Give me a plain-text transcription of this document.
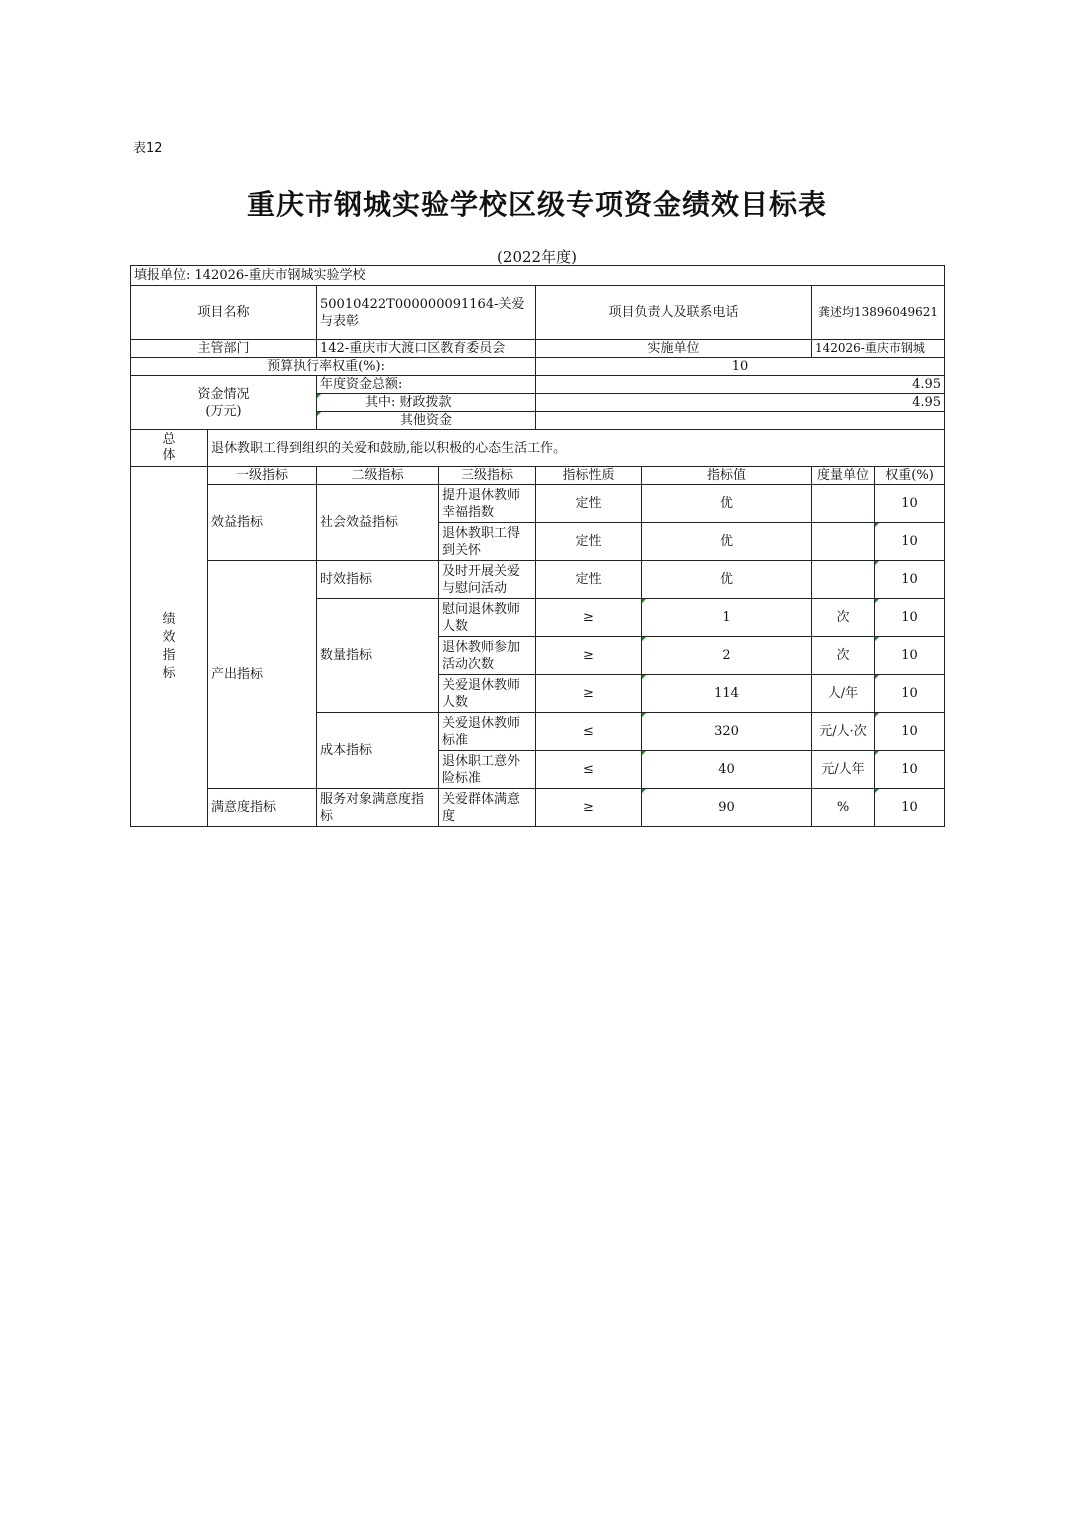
表12
重庆市钢城实验学校区级专项资金绩效目标表
(2022年度)
填报单位: 142026-重庆市钢城实验学校							
项目名称		50010422T000000091164-关爱与表彰		项目负责人及联系电话		龚述均13896049621	
主管部门		142-重庆市大渡口区教育委员会		实施单位		142026-重庆市钢城	
预算执行率权重(%):				10			

资金情况
(万元)		年度资金总额:		4.95			
		其中: 财政拨款		4.95			
		其他资金					

总体	退休教职工得到组织的关爱和鼓励,能以积极的心态生活工作。						

绩效指标	一级指标	二级指标	三级指标	指标性质	指标值	度量单位	权重(%)
	效益指标	社会效益指标	提升退休教师幸福指数	定性	优		10
			退休教职工得到关怀	定性	优		10
	产出指标	时效指标	及时开展关爱与慰问活动	定性	优		10
		数量指标	慰问退休教师人数	≥	1	次	10
			退休教师参加活动次数	≥	2	次	10
			关爱退休教师人数	≥	114	人/年	10
		成本指标	关爱退休教师标准	≤	320	元/人·次	10
			退休职工意外险标准	≤	40	元/人年	10
	满意度指标	服务对象满意度指标	关爱群体满意度	≥	90	%	10
